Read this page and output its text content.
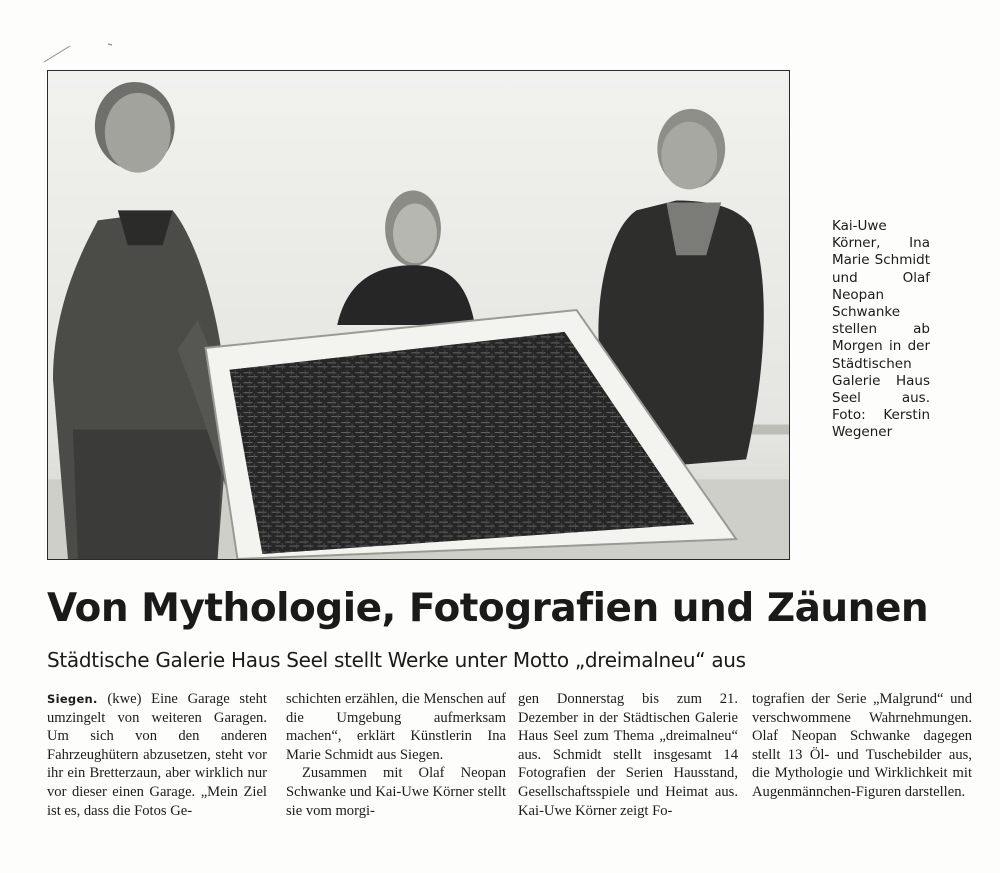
Kai-Uwe Körner, Ina Marie Schmidt und Olaf Neopan Schwanke stellen ab Morgen in der Städtischen Galerie Haus Seel aus. Foto: Kerstin Wegener
Von Mythologie, Fotografien und Zäunen
Städtische Galerie Haus Seel stellt Werke unter Motto „dreimalneu“ aus

Siegen. (kwe) Eine Garage steht umzingelt von weiteren Garagen. Um sich von den anderen Fahrzeughütern abzusetzen, steht vor ihr ein Bretterzaun, aber wirklich nur vor dieser einen Garage. „Mein Ziel ist es, dass die Fotos Ge-

schichten erzählen, die Menschen auf die Umgebung aufmerksam machen“, erklärt Künstlerin Ina Marie Schmidt aus Siegen.

Zusammen mit Olaf Neopan Schwanke und Kai-Uwe Körner stellt sie vom morgi-

gen Donnerstag bis zum 21. Dezember in der Städtischen Galerie Haus Seel zum Thema „dreimalneu“ aus. Schmidt stellt insgesamt 14 Fotografien der Serien Hausstand, Gesellschaftsspiele und Heimat aus. Kai-Uwe Körner zeigt Fo-

tografien der Serie „Malgrund“ und verschwommene Wahrnehmungen. Olaf Neopan Schwanke dagegen stellt 13 Öl- und Tuschebilder aus, die Mythologie und Wirklichkeit mit Augenmännchen-Figuren darstellen.
